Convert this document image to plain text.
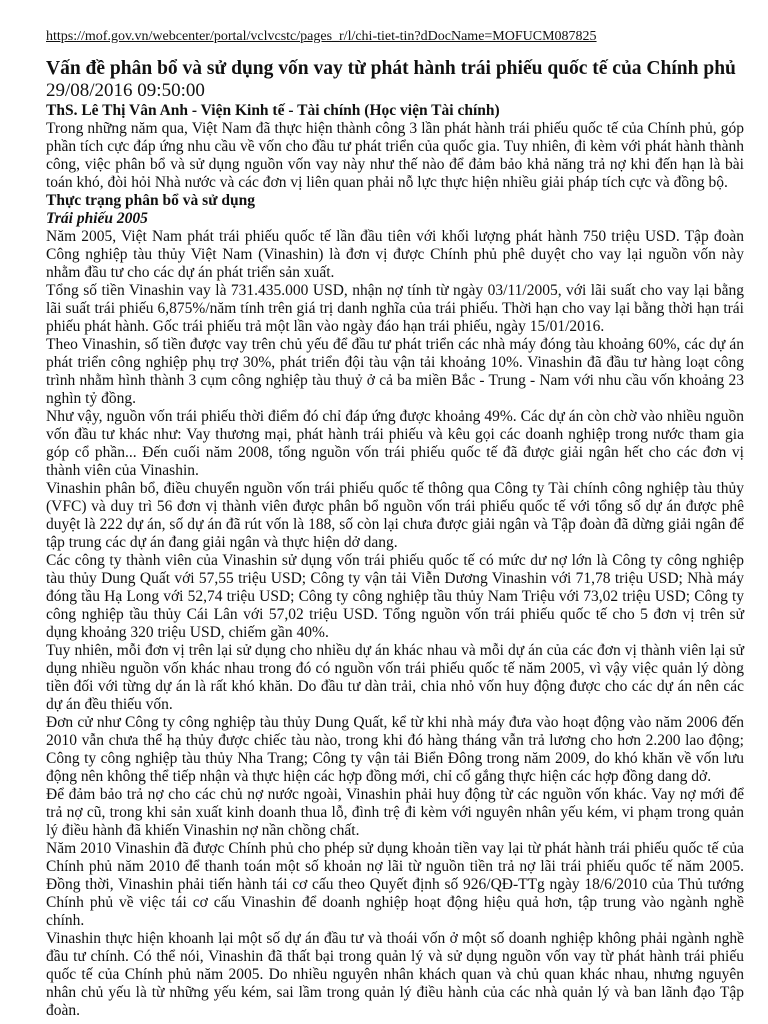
https://mof.gov.vn/webcenter/portal/vclvcstc/pages_r/l/chi-tiet-tin?dDocName=MOFUCM087825
Vấn đề phân bổ và sử dụng vốn vay từ phát hành trái phiếu quốc tế của Chính phủ
29/08/2016 09:50:00
ThS. Lê Thị Vân Anh - Viện Kinh tế - Tài chính (Học viện Tài chính)

Trong những năm qua, Việt Nam đã thực hiện thành công 3 lần phát hành trái phiếu quốc tế của Chính phủ, góp phần tích cực đáp ứng nhu cầu về vốn cho đầu tư phát triển của quốc gia. Tuy nhiên, đi kèm với phát hành thành công, việc phân bổ và sử dụng nguồn vốn vay này như thế nào để đảm bảo khả năng trả nợ khi đến hạn là bài toán khó, đòi hỏi Nhà nước và các đơn vị liên quan phải nỗ lực thực hiện nhiều giải pháp tích cực và đồng bộ.

Thực trạng phân bổ và sử dụng
Trái phiếu 2005

Năm 2005, Việt Nam phát trái phiếu quốc tế lần đầu tiên với khối lượng phát hành 750 triệu USD. Tập đoàn Công nghiệp tàu thủy Việt Nam (Vinashin) là đơn vị được Chính phủ phê duyệt cho vay lại nguồn vốn này nhằm đầu tư cho các dự án phát triển sản xuất.

Tổng số tiền Vinashin vay là 731.435.000 USD, nhận nợ tính từ ngày 03/11/2005, với lãi suất cho vay lại bằng lãi suất trái phiếu 6,875%/năm tính trên giá trị danh nghĩa của trái phiếu. Thời hạn cho vay lại bằng thời hạn trái phiếu phát hành. Gốc trái phiếu trả một lần vào ngày đáo hạn trái phiếu, ngày 15/01/2016.

Theo Vinashin, số tiền được vay trên chủ yếu để đầu tư phát triển các nhà máy đóng tàu khoảng 60%, các dự án phát triển công nghiệp phụ trợ 30%, phát triển đội tàu vận tải khoảng 10%. Vinashin đã đầu tư hàng loạt công trình nhằm hình thành 3 cụm công nghiệp tàu thuỷ ở cả ba miền Bắc - Trung - Nam với nhu cầu vốn khoảng 23 nghìn tỷ đồng.

Như vậy, nguồn vốn trái phiếu thời điểm đó chỉ đáp ứng được khoảng 49%. Các dự án còn chờ vào nhiều nguồn vốn đầu tư khác như: Vay thương mại, phát hành trái phiếu và kêu gọi các doanh nghiệp trong nước tham gia góp cổ phần... Đến cuối năm 2008, tổng nguồn vốn trái phiếu quốc tế đã được giải ngân hết cho các đơn vị thành viên của Vinashin.

Vinashin phân bổ, điều chuyển nguồn vốn trái phiếu quốc tế thông qua Công ty Tài chính công nghiệp tàu thủy (VFC) và duy trì 56 đơn vị thành viên được phân bổ nguồn vốn trái phiếu quốc tế với tổng số dự án được phê duyệt là 222 dự án, số dự án đã rút vốn là 188, số còn lại chưa được giải ngân và Tập đoàn đã dừng giải ngân để tập trung các dự án đang giải ngân và thực hiện dở dang.

Các công ty thành viên của Vinashin sử dụng vốn trái phiếu quốc tế có mức dư nợ lớn là Công ty công nghiệp tàu thủy Dung Quất với 57,55 triệu USD; Công ty vận tải Viễn Dương Vinashin với 71,78 triệu USD; Nhà máy đóng tầu Hạ Long với 52,74 triệu USD; Công ty công nghiệp tầu thủy Nam Triệu với 73,02 triệu USD; Công ty công nghiệp tầu thủy Cái Lân với 57,02 triệu USD. Tổng nguồn vốn trái phiếu quốc tế cho 5 đơn vị trên sử dụng khoảng 320 triệu USD, chiếm gần 40%.

Tuy nhiên, mỗi đơn vị trên lại sử dụng cho nhiều dự án khác nhau và mỗi dự án của các đơn vị thành viên lại sử dụng nhiều nguồn vốn khác nhau trong đó có nguồn vốn trái phiếu quốc tế năm 2005, vì vậy việc quản lý dòng tiền đối với từng dự án là rất khó khăn. Do đầu tư dàn trải, chia nhỏ vốn huy động được cho các dự án nên các dự án đều thiếu vốn.

Đơn cử như Công ty công nghiệp tàu thủy Dung Quất, kể từ khi nhà máy đưa vào hoạt động vào năm 2006 đến 2010 vẫn chưa thể hạ thủy được chiếc tàu nào, trong khi đó hàng tháng vẫn trả lương cho hơn 2.200 lao động; Công ty công nghiệp tàu thủy Nha Trang; Công ty vận tải Biển Đông trong năm 2009, do khó khăn về vốn lưu động nên không thể tiếp nhận và thực hiện các hợp đồng mới, chỉ cố gắng thực hiện các hợp đồng dang dở.

Để đảm bảo trả nợ cho các chủ nợ nước ngoài, Vinashin phải huy động từ các nguồn vốn khác. Vay nợ mới để trả nợ cũ, trong khi sản xuất kinh doanh thua lỗ, đình trệ đi kèm với nguyên nhân yếu kém, vi phạm trong quản lý điều hành đã khiến Vinashin nợ nần chồng chất.

Năm 2010 Vinashin đã được Chính phủ cho phép sử dụng khoản tiền vay lại từ phát hành trái phiếu quốc tế của Chính phủ năm 2010 để thanh toán một số khoản nợ lãi từ nguồn tiền trả nợ lãi trái phiếu quốc tế năm 2005. Đồng thời, Vinashin phải tiến hành tái cơ cấu theo Quyết định số 926/QĐ-TTg ngày 18/6/2010 của Thủ tướng Chính phủ về việc tái cơ cấu Vinashin để doanh nghiệp hoạt động hiệu quả hơn, tập trung vào ngành nghề chính.

Vinashin thực hiện khoanh lại một số dự án đầu tư và thoái vốn ở một số doanh nghiệp không phải ngành nghề đầu tư chính. Có thể nói, Vinashin đã thất bại trong quản lý và sử dụng nguồn vốn vay từ phát hành trái phiếu quốc tế của Chính phủ năm 2005. Do nhiều nguyên nhân khách quan và chủ quan khác nhau, nhưng nguyên nhân chủ yếu là từ những yếu kém, sai lầm trong quản lý điều hành của các nhà quản lý và ban lãnh đạo Tập đoàn.
